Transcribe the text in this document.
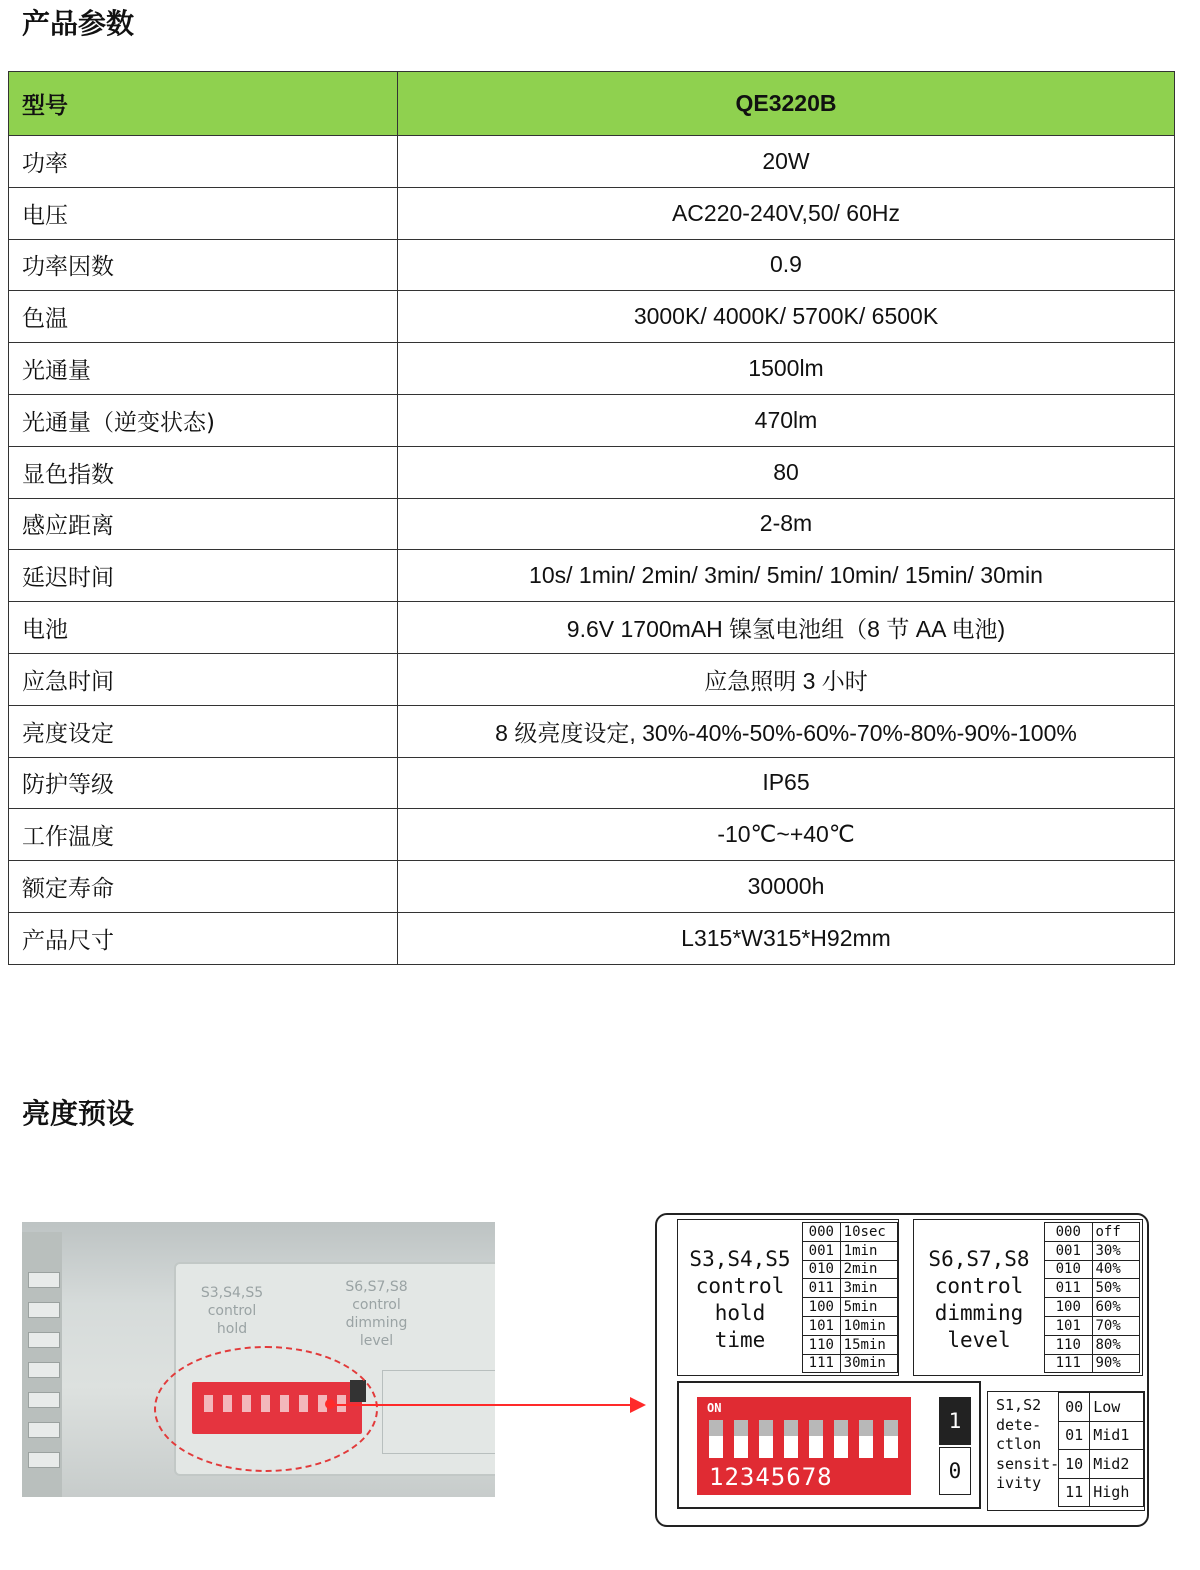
产品参数
型号	QE3220B
功率	20W
电压	AC220-240V,50/ 60Hz
功率因数	0.9
色温	3000K/ 4000K/ 5700K/ 6500K
光通量	1500lm
光通量（逆变状态)	470lm
显色指数	80
感应距离	2-8m
延迟时间	10s/ 1min/ 2min/ 3min/ 5min/ 10min/ 15min/ 30min
电池	9.6V 1700mAH 镍氢电池组（8 节 AA 电池)
应急时间	应急照明 3 小时
亮度设定	8 级亮度设定, 30%-40%-50%-60%-70%-80%-90%-100%
防护等级	IP65
工作温度	-10℃~+40℃
额定寿命	30000h
产品尺寸	L315*W315*H92mm
亮度预设
S3,S4,S5
control
hold
S6,S7,S8
control
dimming
level
S3,S4,S5
control
hold
time
000	10sec
001	1min
010	2min
011	3min
100	5min
101	10min
110	15min
111	30min
S6,S7,S8
control
dimming
level
000	off
001	30%
010	40%
011	50%
100	60%
101	70%
110	80%
111	90%
ON
12345678
1
0
S1,S2
dete-
ctlon
sensit-
ivity
00	Low
01	Mid1
10	Mid2
11	High
